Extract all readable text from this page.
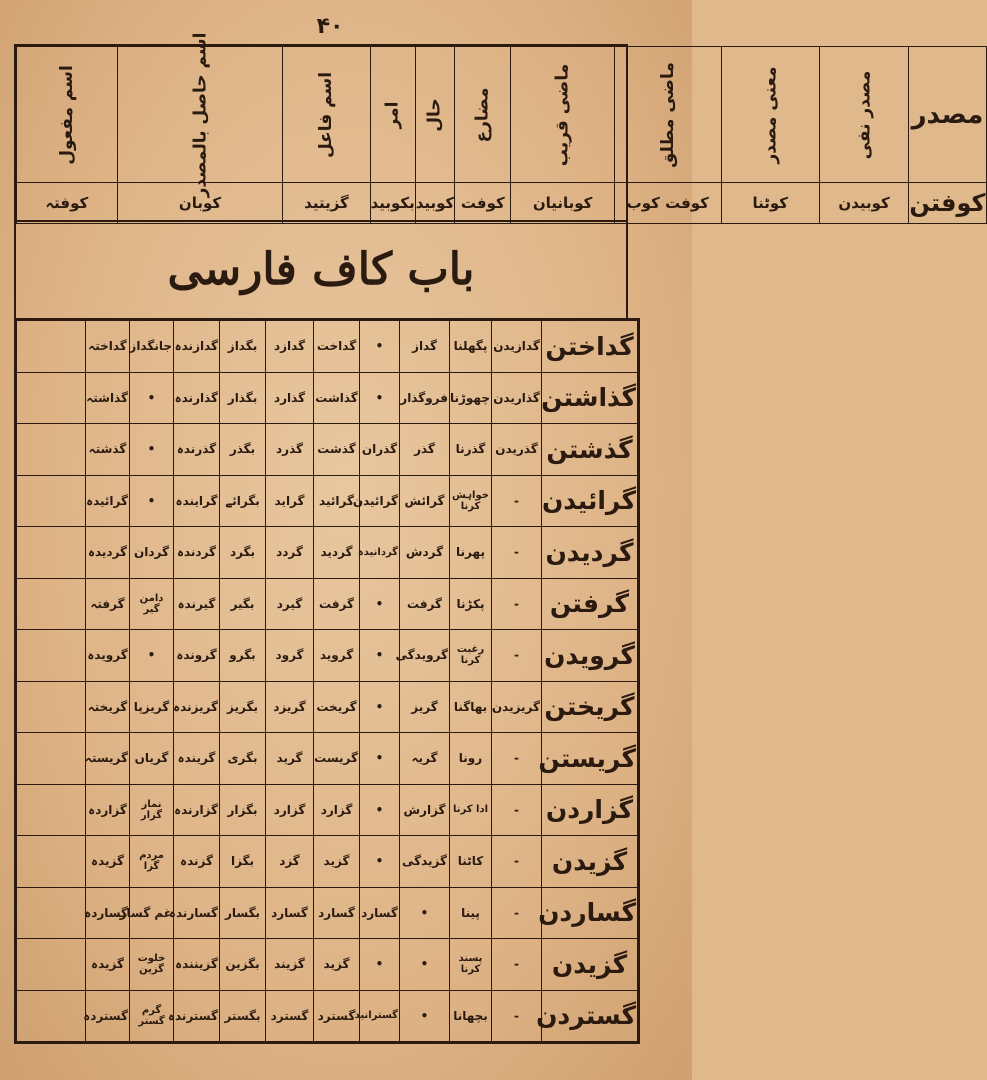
۴۰
مصدر	مصدر نفی	معنی مصدر	ماضی مطلق	ماضی قریب	مضارع	حال	امر	اسم فاعل	اسم حاصل بالمصدر	اسم مفعول
کوفتن	کوبیدن	کوٹنا	کوفت کوب	کوبانیان	کوفت	کوبید	بکوبید	گزیتید	کوبان	کوفتہ
باب کاف فارسی
گداختن	گدازیدن	پگھلنا	گداز	•	گداخت	گدازد	بگداز	گدازندہ	جانگداز	گداختہ	
گذاشتن	گذاریدن	چھوڑنا	فروگذار	•	گذاشت	گذارد	بگذار	گذارندہ	•	گذاشتہ	
گذشتن	گذریدن	گذرنا	گذر	گذران	گذشت	گذرد	بگذر	گذرندہ	•	گذشتہ	
گرائیدن	-	خواہش کرنا	گرائش	گرائیدن	گرائید	گراید	بگرائے	گرایندہ	•	گرائیدہ	
گردیدن	-	پھرنا	گردش	گردانیدہ	گردید	گردد	بگرد	گردندہ	گردان	گردیدہ	
گرفتن	-	پکڑنا	گرفت	•	گرفت	گیرد	بگیر	گیرندہ	دامن گیر	گرفتہ	
گرویدن	-	رغبت کرنا	گرویدگی	•	گروید	گرود	بگرو	گروندہ	•	گرویدہ	
گریختن	گریزیدن	بھاگنا	گریز	•	گریخت	گریزد	بگریز	گریزندہ	گریزپا	گریختہ	
گریستن	-	رونا	گریہ	•	گریست	گرید	بگری	گریندہ	گریاں	گریستہ	
گزاردن	-	ادا کرنا	گزارش	•	گزارد	گزارد	بگزار	گزارندہ	نماز گزار	گزاردہ	
گزیدن	-	کاٹنا	گزیدگی	•	گزید	گزد	بگزا	گزندہ	مردم گزا	گزیدہ	
گساردن	-	پینا	•	گسارد	گسارد	گسارد	بگسار	گسارندہ	غم گسار	گساردہ	
گزیدن	-	پسند کرنا	•	•	گزید	گزیند	بگزین	گزینندہ	خلوت گزین	گزیدہ	
گستردن	-	بچھانا	•	گسترانید	گسترد	گسترد	بگستر	گسترندہ	گرم گستر	گستردہ	
